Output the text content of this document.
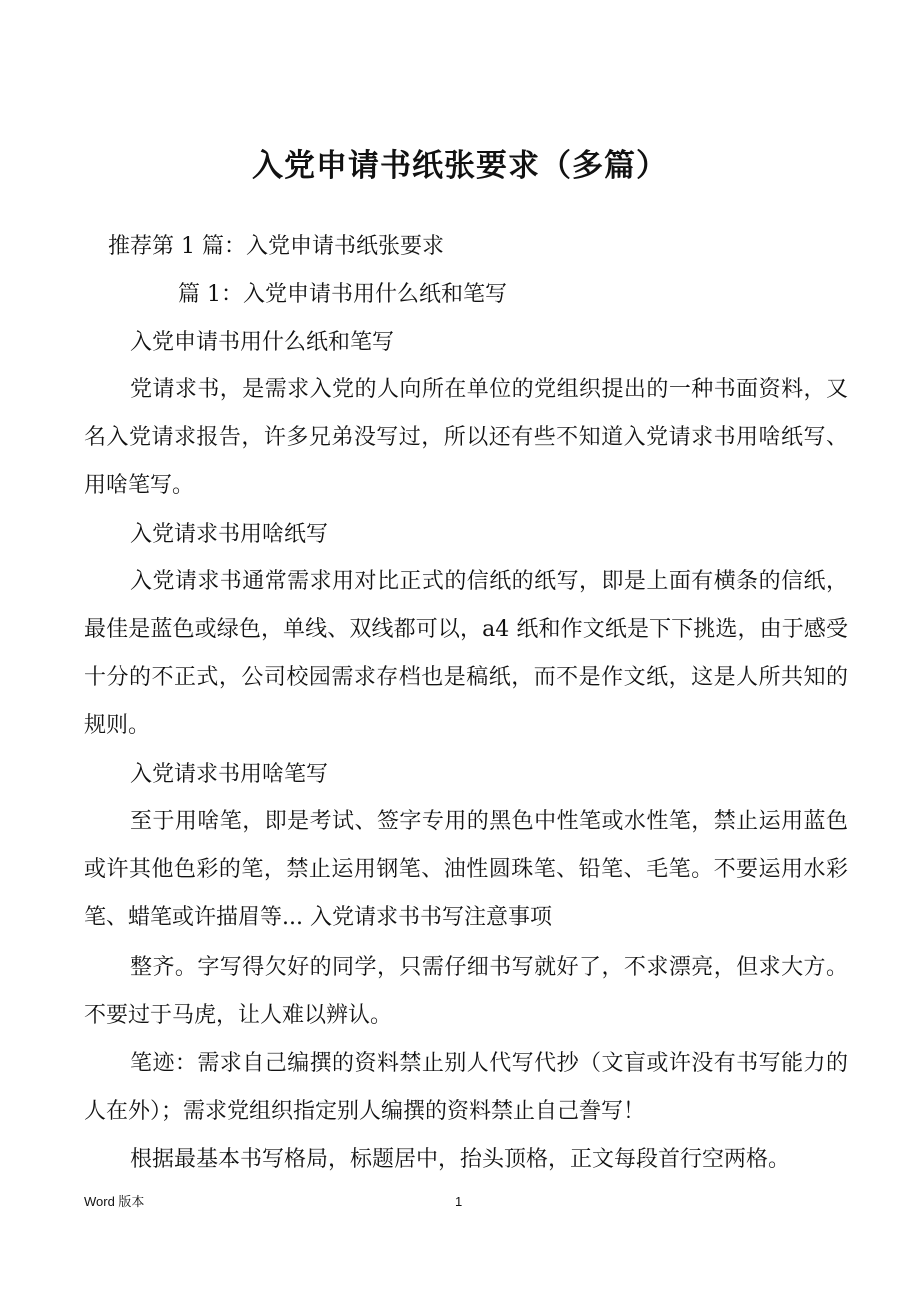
入党申请书纸张要求（多篇）
推荐第 1 篇：入党申请书纸张要求
篇 1：入党申请书用什么纸和笔写
入党申请书用什么纸和笔写
党请求书，是需求入党的人向所在单位的党组织提出的一种书面资料，又名入党请求报告，许多兄弟没写过，所以还有些不知道入党请求书用啥纸写、用啥笔写。
入党请求书用啥纸写
入党请求书通常需求用对比正式的信纸的纸写，即是上面有横条的信纸，最佳是蓝色或绿色，单线、双线都可以，a4 纸和作文纸是下下挑选，由于感受十分的不正式，公司校园需求存档也是稿纸，而不是作文纸，这是人所共知的规则。
入党请求书用啥笔写
至于用啥笔，即是考试、签字专用的黑色中性笔或水性笔，禁止运用蓝色或许其他色彩的笔，禁止运用钢笔、油性圆珠笔、铅笔、毛笔。不要运用水彩笔、蜡笔或许描眉等... 入党请求书书写注意事项
整齐。字写得欠好的同学，只需仔细书写就好了，不求漂亮，但求大方。不要过于马虎，让人难以辨认。
笔迹：需求自己编撰的资料禁止别人代写代抄（文盲或许没有书写能力的人在外）；需求党组织指定别人编撰的资料禁止自己誊写！
根据最基本书写格局，标题居中，抬头顶格，正文每段首行空两格。
Word 版本	1
